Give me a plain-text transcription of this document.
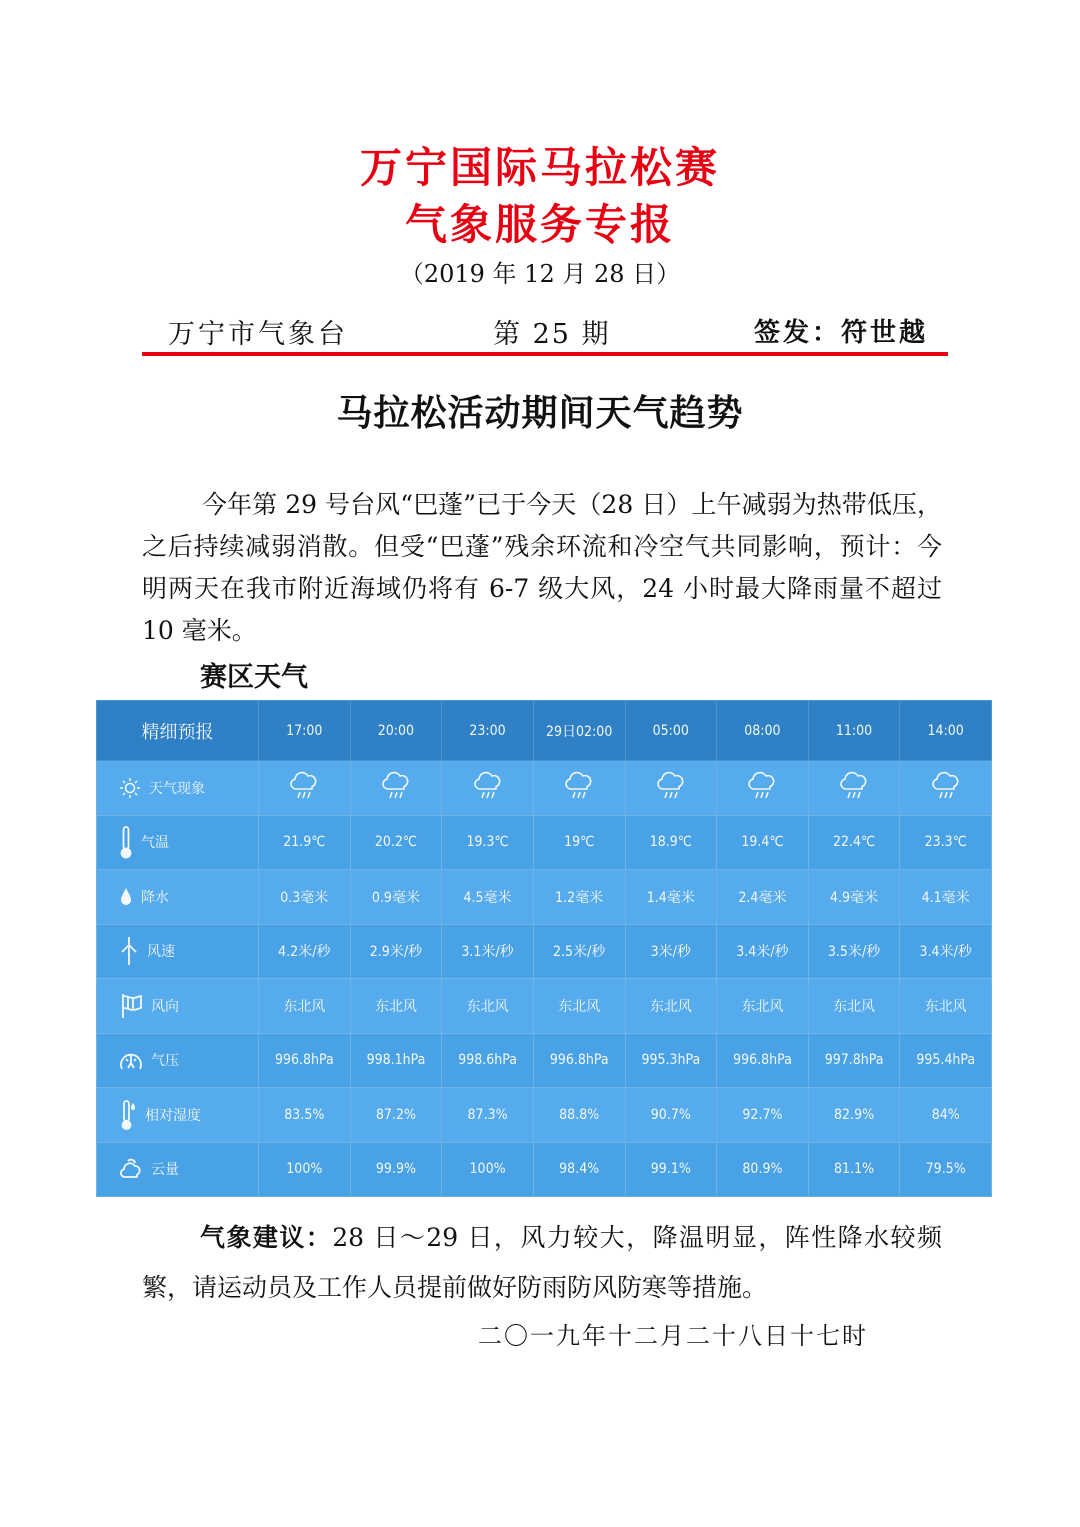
万宁国际马拉松赛
气象服务专报
（2019 年 12 月 28 日）
万宁市气象台	第 25 期	签发：符世越
马拉松活动期间天气趋势
今年第 29 号台风“巴蓬”已于今天（28 日）上午减弱为热带低压，之后持续减弱消散。但受“巴蓬”残余环流和冷空气共同影响，预计：今明两天在我市附近海域仍将有 6-7 级大风，24 小时最大降雨量不超过 10 毫米。
赛区天气
精细预报	17:00	20:00	23:00	29日02:00	05:00	08:00	11:00	14:00
天气现象								
气温	21.9℃	20.2℃	19.3℃	19℃	18.9℃	19.4℃	22.4℃	23.3℃
降水	0.3毫米	0.9毫米	4.5毫米	1.2毫米	1.4毫米	2.4毫米	4.9毫米	4.1毫米
风速	4.2米/秒	2.9米/秒	3.1米/秒	2.5米/秒	3米/秒	3.4米/秒	3.5米/秒	3.4米/秒
风向	东北风	东北风	东北风	东北风	东北风	东北风	东北风	东北风
气压	996.8hPa	998.1hPa	998.6hPa	996.8hPa	995.3hPa	996.8hPa	997.8hPa	995.4hPa
相对湿度	83.5%	87.2%	87.3%	88.8%	90.7%	92.7%	82.9%	84%
云量	100%	99.9%	100%	98.4%	99.1%	80.9%	81.1%	79.5%
气象建议：28 日～29 日，风力较大，降温明显，阵性降水较频繁，请运动员及工作人员提前做好防雨防风防寒等措施。
二〇一九年十二月二十八日十七时
